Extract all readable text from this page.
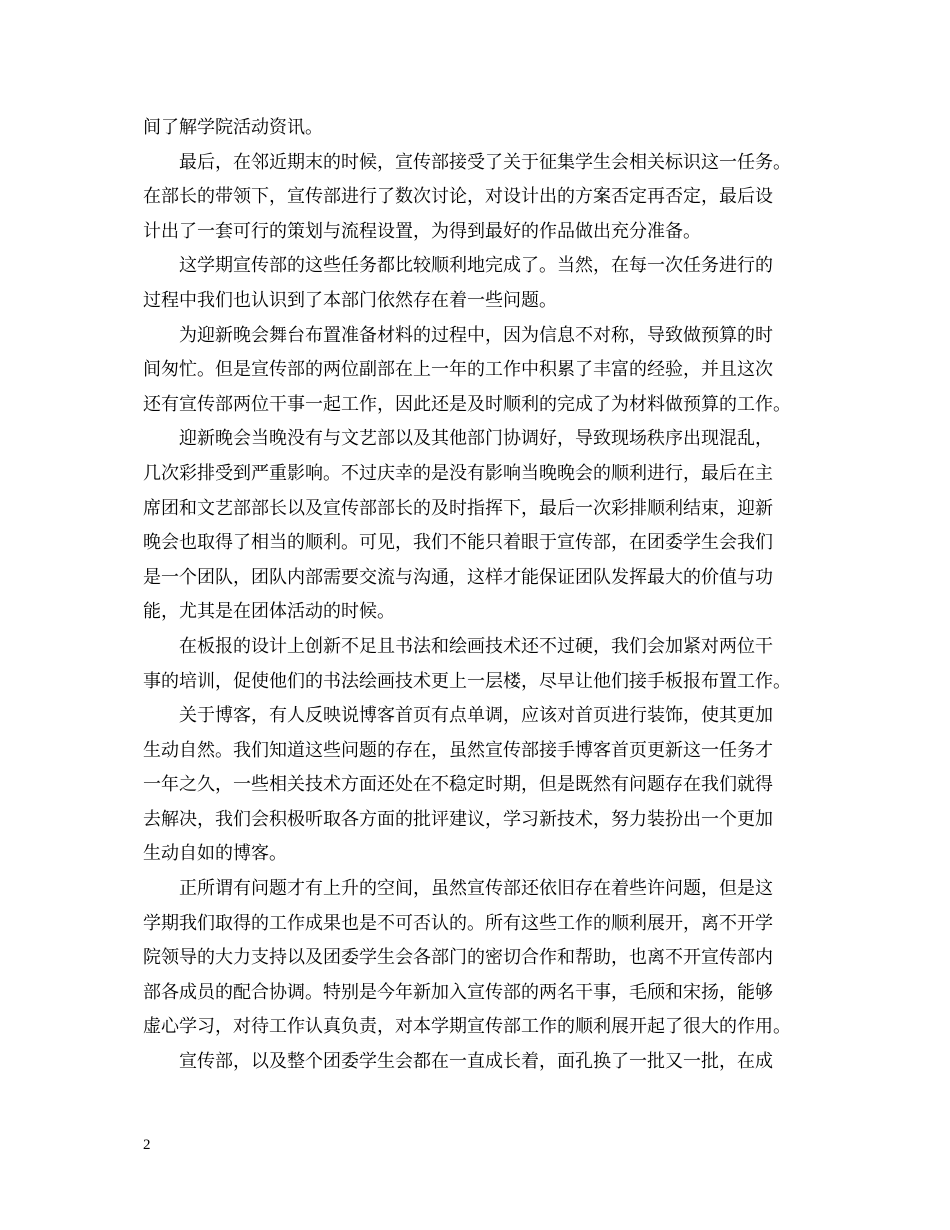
间了解学院活动资讯。
最后，在邻近期末的时候，宣传部接受了关于征集学生会相关标识这一任务。
在部长的带领下，宣传部进行了数次讨论，对设计出的方案否定再否定，最后设
计出了一套可行的策划与流程设置，为得到最好的作品做出充分准备。
这学期宣传部的这些任务都比较顺利地完成了。当然，在每一次任务进行的
过程中我们也认识到了本部门依然存在着一些问题。
为迎新晚会舞台布置准备材料的过程中，因为信息不对称，导致做预算的时
间匆忙。但是宣传部的两位副部在上一年的工作中积累了丰富的经验，并且这次
还有宣传部两位干事一起工作，因此还是及时顺利的完成了为材料做预算的工作。
迎新晚会当晚没有与文艺部以及其他部门协调好，导致现场秩序出现混乱，
几次彩排受到严重影响。不过庆幸的是没有影响当晚晚会的顺利进行，最后在主
席团和文艺部部长以及宣传部部长的及时指挥下，最后一次彩排顺利结束，迎新
晚会也取得了相当的顺利。可见，我们不能只着眼于宣传部，在团委学生会我们
是一个团队，团队内部需要交流与沟通，这样才能保证团队发挥最大的价值与功
能，尤其是在团体活动的时候。
在板报的设计上创新不足且书法和绘画技术还不过硬，我们会加紧对两位干
事的培训，促使他们的书法绘画技术更上一层楼，尽早让他们接手板报布置工作。
关于博客，有人反映说博客首页有点单调，应该对首页进行装饰，使其更加
生动自然。我们知道这些问题的存在，虽然宣传部接手博客首页更新这一任务才
一年之久，一些相关技术方面还处在不稳定时期，但是既然有问题存在我们就得
去解决，我们会积极听取各方面的批评建议，学习新技术，努力装扮出一个更加
生动自如的博客。
正所谓有问题才有上升的空间，虽然宣传部还依旧存在着些许问题，但是这
学期我们取得的工作成果也是不可否认的。所有这些工作的顺利展开，离不开学
院领导的大力支持以及团委学生会各部门的密切合作和帮助，也离不开宣传部内
部各成员的配合协调。特别是今年新加入宣传部的两名干事，毛颀和宋扬，能够
虚心学习，对待工作认真负责，对本学期宣传部工作的顺利展开起了很大的作用。
宣传部，以及整个团委学生会都在一直成长着，面孔换了一批又一批，在成
2
